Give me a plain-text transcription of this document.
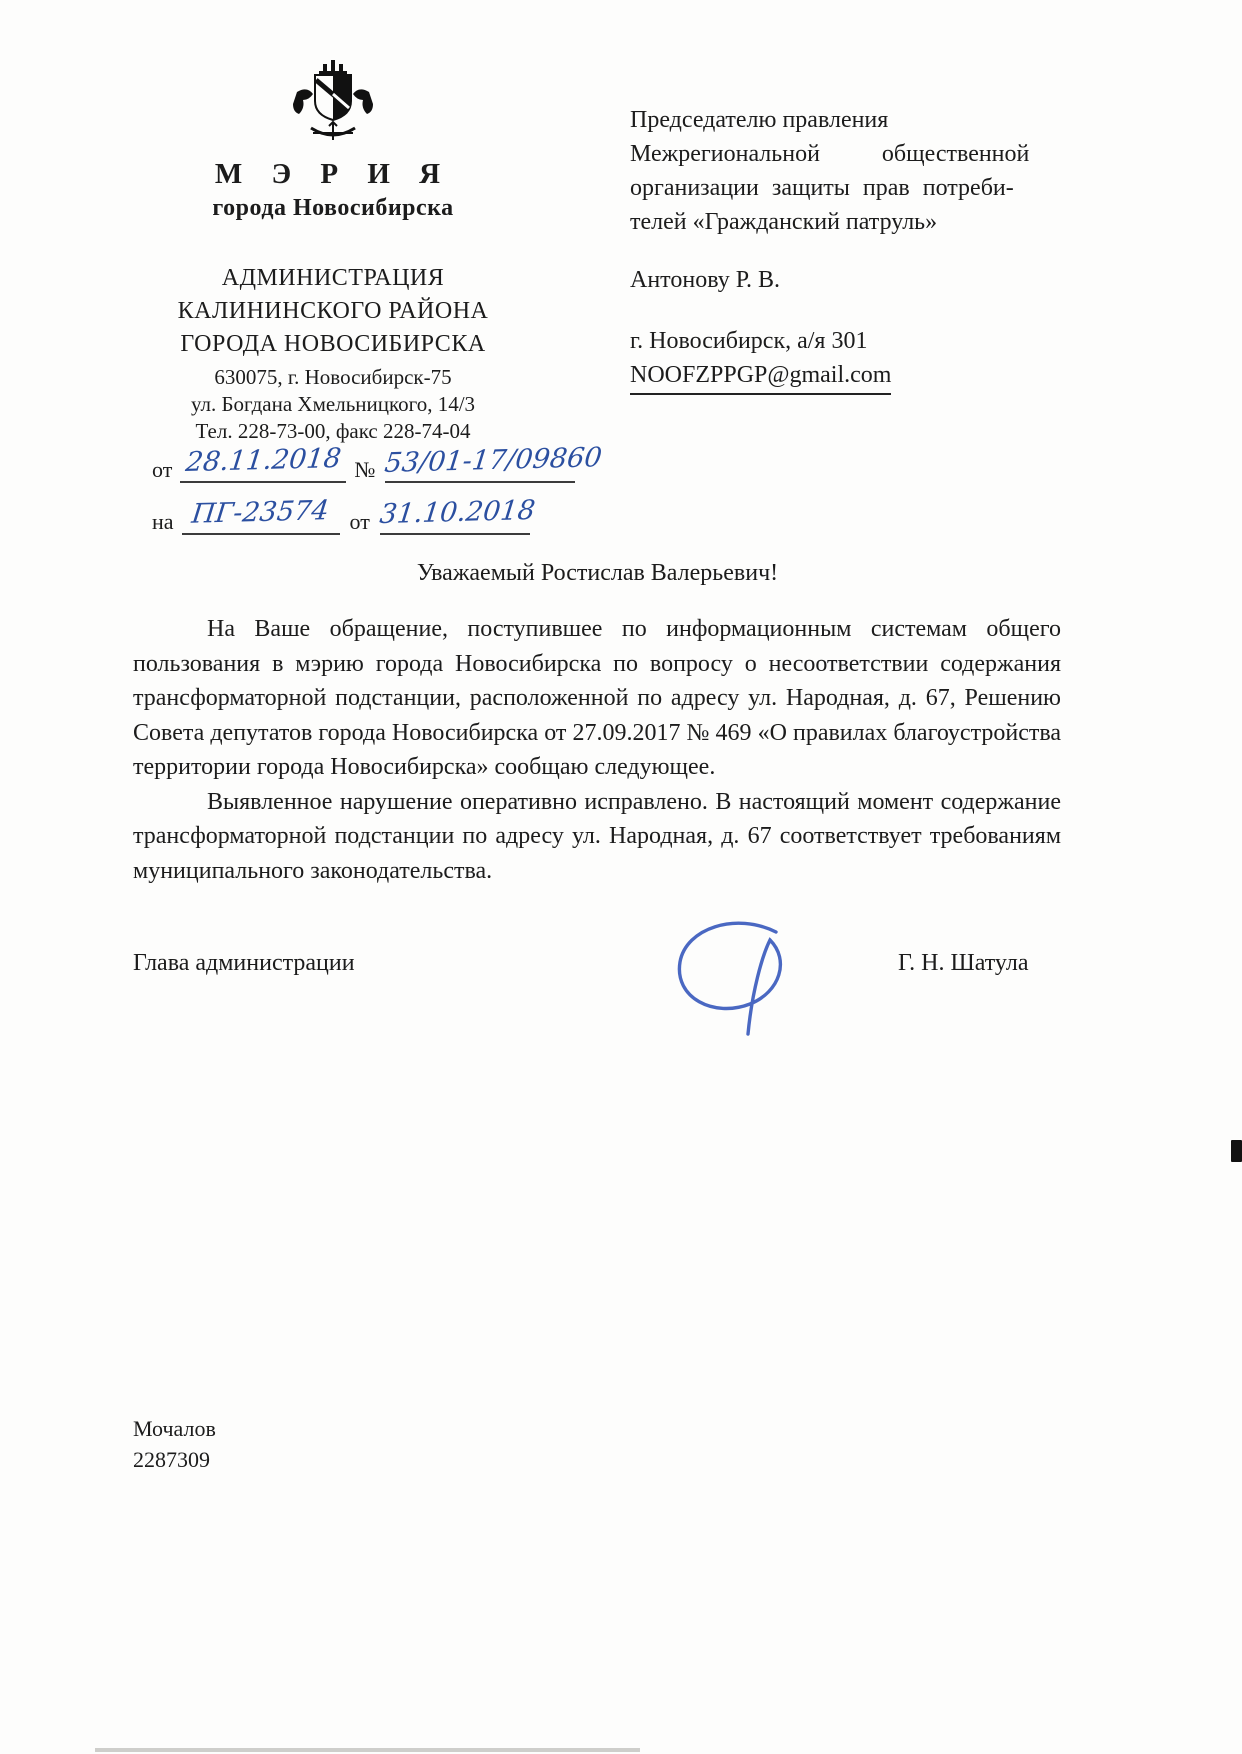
М Э Р И Я
города Новосибирска
АДМИНИСТРАЦИЯ
КАЛИНИНСКОГО РАЙОНА
ГОРОДА НОВОСИБИРСКА
630075, г. Новосибирск-75
ул. Богдана Хмельницкого, 14/3
Тел. 228-73-00, факс 228-74-04
Председателю правления
Межрегиональной общественной
организации защиты прав потреби-
телей «Гражданский патруль»
Антонову Р. В.
г. Новосибирск, а/я 301
NOOFZPPGP@gmail.com
от 28.11.2018 № 53/01-17/09860
на ПГ-23574 от 31.10.2018
Уважаемый Ростислав Валерьевич!

На Ваше обращение, поступившее по информационным системам общего пользования в мэрию города Новосибирска по вопросу о несоответствии содержания трансформаторной подстанции, расположенной по адресу ул. Народная, д. 67, Решению Совета депутатов города Новосибирска от 27.09.2017 № 469 «О правилах благоустройства территории города Новосибирска» сообщаю следующее.

Выявленное нарушение оперативно исправлено. В настоящий момент содержание трансформаторной подстанции по адресу ул. Народная, д. 67 соответствует требованиям муниципального законодательства.

Глава администрации	Г. Н. Шатула
Мочалов
2287309
